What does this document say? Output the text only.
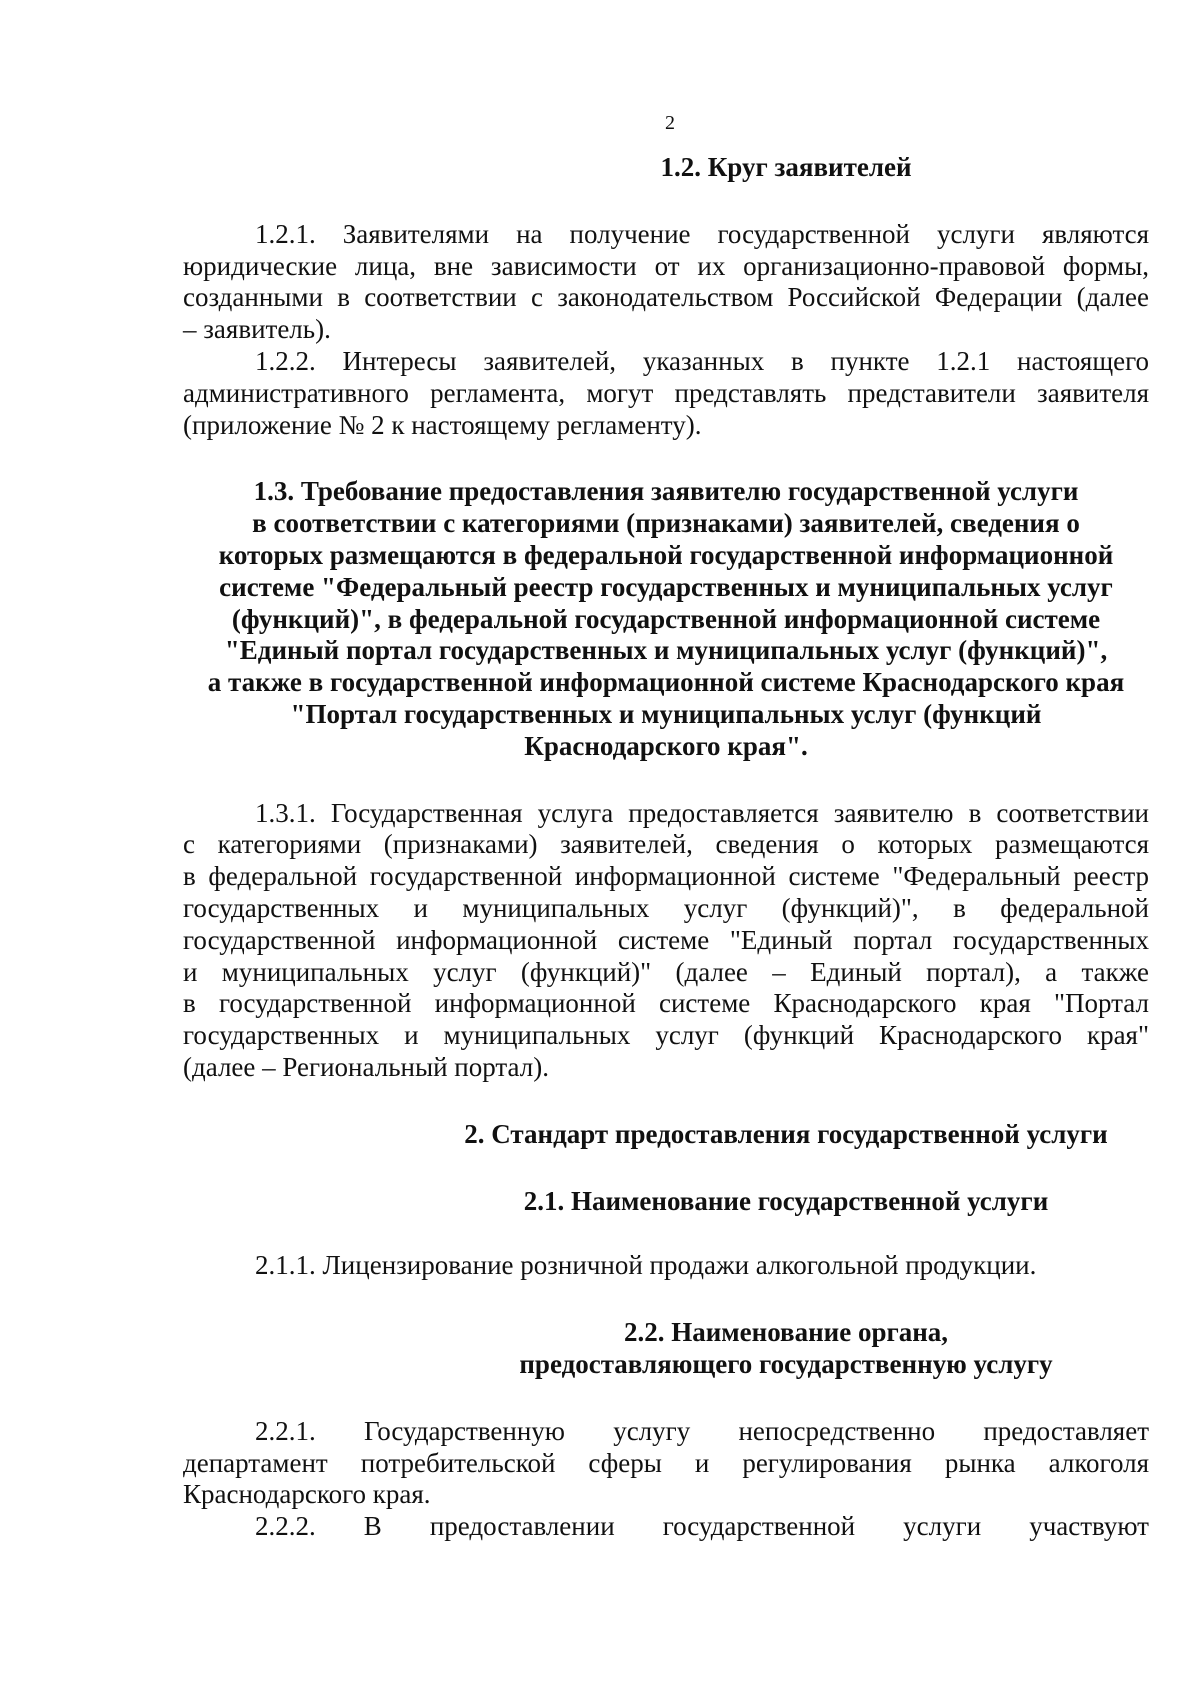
2

1.2. Круг заявителей

1.2.1. Заявителями на получение государственной услуги являются
юридические лица, вне зависимости от их организационно-правовой формы,
созданными в соответствии с законодательством Российской Федерации (далее
– заявитель).
1.2.2. Интересы заявителей, указанных в пункте 1.2.1 настоящего
административного регламента, могут представлять представители заявителя
(приложение № 2 к настоящему регламенту).
1.3. Требование предоставления заявителю государственной услуги
в соответствии с категориями (признаками) заявителей, сведения о
которых размещаются в федеральной государственной информационной
системе "Федеральный реестр государственных и муниципальных услуг
(функций)", в федеральной государственной информационной системе
"Единый портал государственных и муниципальных услуг (функций)",
а также в государственной информационной системе Краснодарского края
"Портал государственных и муниципальных услуг (функций
Краснодарского края".
1.3.1. Государственная услуга предоставляется заявителю в соответствии
с категориями (признаками) заявителей, сведения о которых размещаются
в федеральной государственной информационной системе "Федеральный реестр
государственных и муниципальных услуг (функций)", в федеральной
государственной информационной системе "Единый портал государственных
и муниципальных услуг (функций)" (далее – Единый портал), а также
в государственной информационной системе Краснодарского края "Портал
государственных и муниципальных услуг (функций Краснодарского края"
(далее – Региональный портал).

2. Стандарт предоставления государственной услуги

2.1. Наименование государственной услуги

2.1.1. Лицензирование розничной продажи алкогольной продукции.
2.2. Наименование органа,
предоставляющего государственную услугу
2.2.1. Государственную услугу непосредственно предоставляет
департамент потребительской сферы и регулирования рынка алкоголя
Краснодарского края.
2.2.2. В предоставлении государственной услуги участвуют
